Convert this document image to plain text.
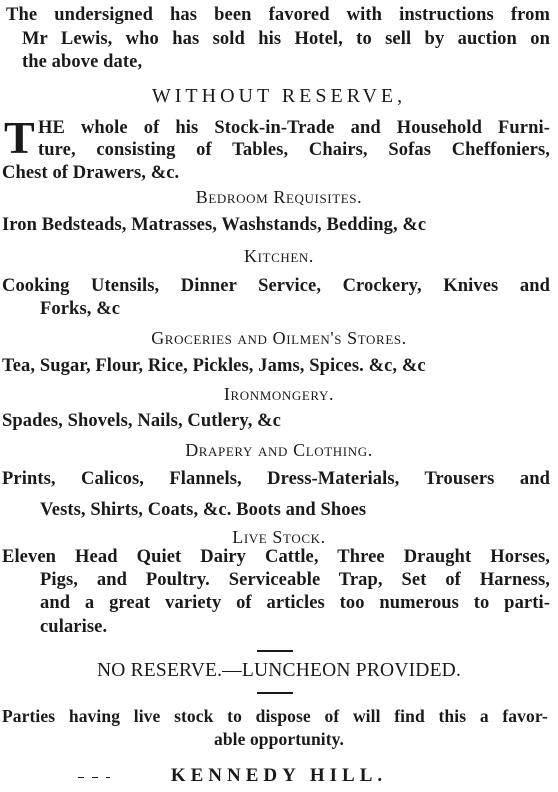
The undersigned has been favored with instructions from
Mr Lewis, who has sold his Hotel, to sell by auction on
the above date,
WITHOUT RESERVE,
T HE whole of his Stock-in-Trade and Household Furni-
ture, consisting of Tables, Chairs, Sofas Cheffoniers,
Chest of Drawers, &c.
Bedroom Requisites.
Iron Bedsteads, Matrasses, Washstands, Bedding, &c
Kitchen.
Cooking Utensils, Dinner Service, Crockery, Knives and
Forks, &c
Groceries and Oilmen's Stores.
Tea, Sugar, Flour, Rice, Pickles, Jams, Spices. &c, &c
Ironmongery.
Spades, Shovels, Nails, Cutlery, &c
Drapery and Clothing.
Prints, Calicos, Flannels, Dress-Materials, Trousers and
Vests, Shirts, Coats, &c. Boots and Shoes
Live Stock.
Eleven Head Quiet Dairy Cattle, Three Draught Horses,
Pigs, and Poultry. Serviceable Trap, Set of Harness,
and a great variety of articles too numerous to parti-
cularise.
NO RESERVE.—LUNCHEON PROVIDED.
Parties having live stock to dispose of will find this a favor-
able opportunity.
KENNEDY HILL.
